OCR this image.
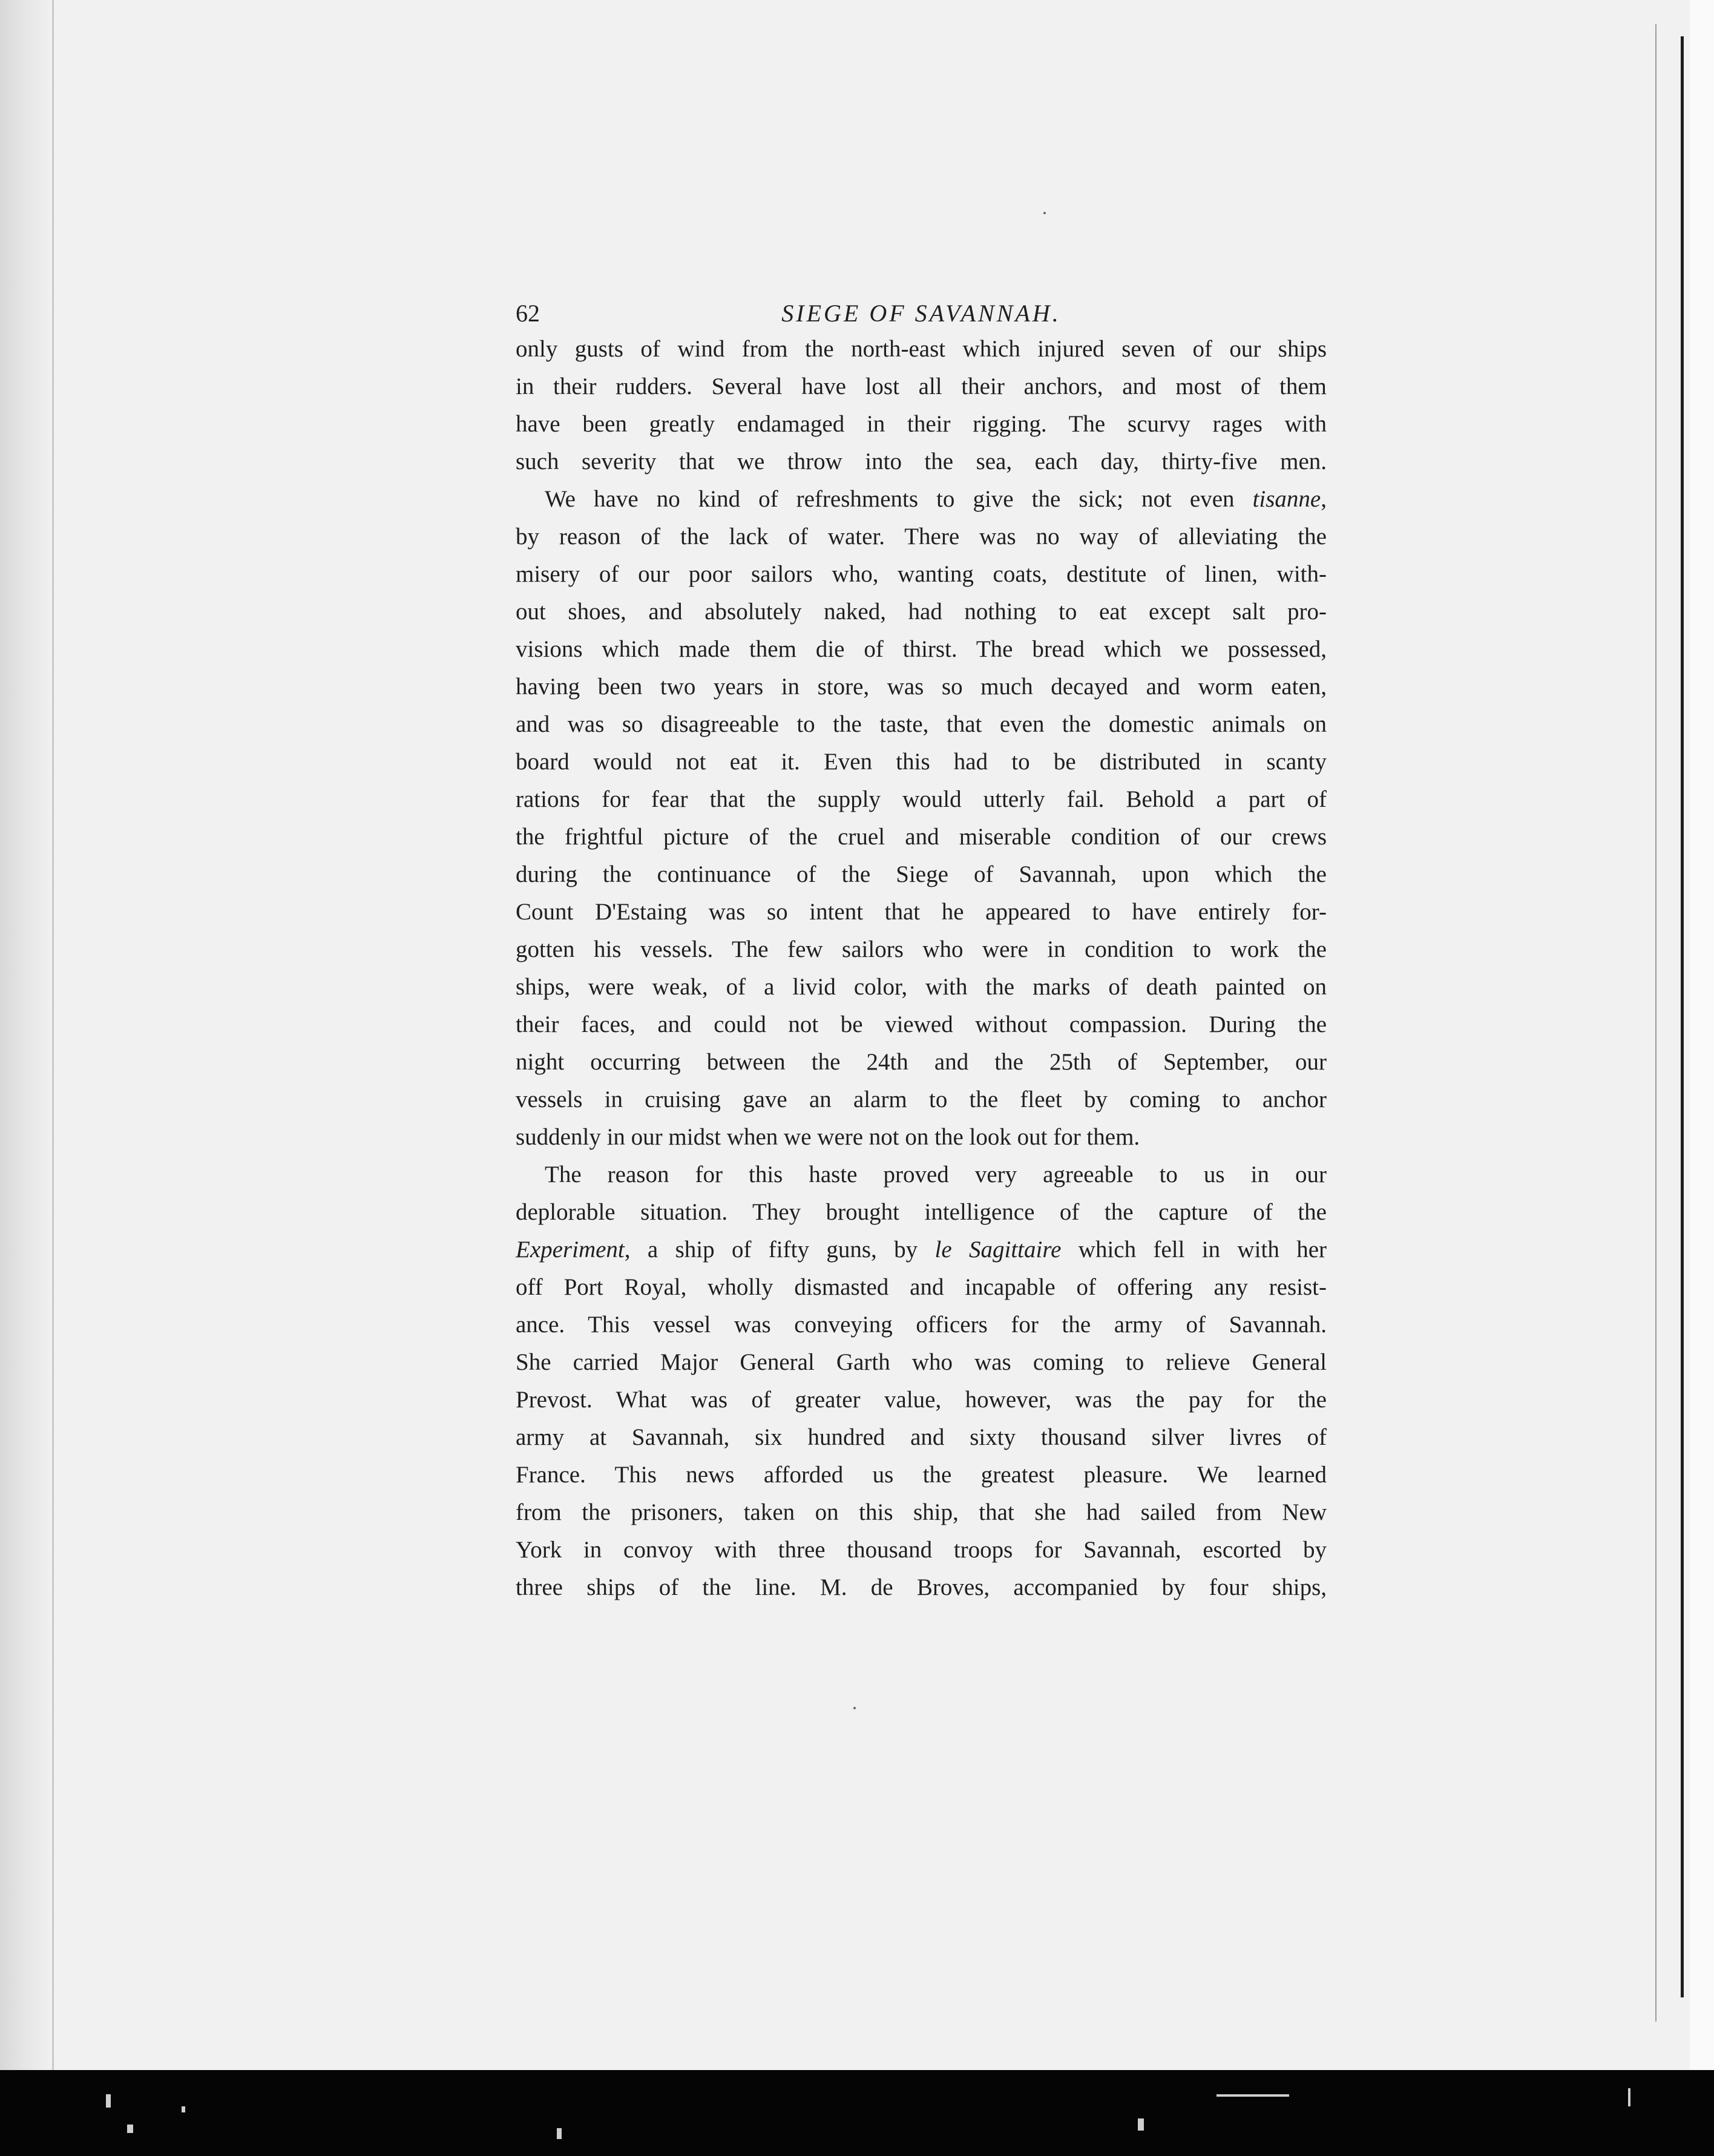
62	SIEGE OF SAVANNAH.
only gusts of wind from the north-east which injured seven of our ships
in their rudders. Several have lost all their anchors, and most of them
have been greatly endamaged in their rigging. The scurvy rages with
such severity that we throw into the sea, each day, thirty-five men.
We have no kind of refreshments to give the sick; not even tisanne,
by reason of the lack of water. There was no way of alleviating the
misery of our poor sailors who, wanting coats, destitute of linen, with-
out shoes, and absolutely naked, had nothing to eat except salt pro-
visions which made them die of thirst. The bread which we possessed,
having been two years in store, was so much decayed and worm eaten,
and was so disagreeable to the taste, that even the domestic animals on
board would not eat it. Even this had to be distributed in scanty
rations for fear that the supply would utterly fail. Behold a part of
the frightful picture of the cruel and miserable condition of our crews
during the continuance of the Siege of Savannah, upon which the
Count D'Estaing was so intent that he appeared to have entirely for-
gotten his vessels. The few sailors who were in condition to work the
ships, were weak, of a livid color, with the marks of death painted on
their faces, and could not be viewed without compassion. During the
night occurring between the 24th and the 25th of September, our
vessels in cruising gave an alarm to the fleet by coming to anchor
suddenly in our midst when we were not on the look out for them.
The reason for this haste proved very agreeable to us in our
deplorable situation. They brought intelligence of the capture of the
Experiment, a ship of fifty guns, by le Sagittaire which fell in with her
off Port Royal, wholly dismasted and incapable of offering any resist-
ance. This vessel was conveying officers for the army of Savannah.
She carried Major General Garth who was coming to relieve General
Prevost. What was of greater value, however, was the pay for the
army at Savannah, six hundred and sixty thousand silver livres of
France. This news afforded us the greatest pleasure. We learned
from the prisoners, taken on this ship, that she had sailed from New
York in convoy with three thousand troops for Savannah, escorted by
three ships of the line. M. de Broves, accompanied by four ships,
